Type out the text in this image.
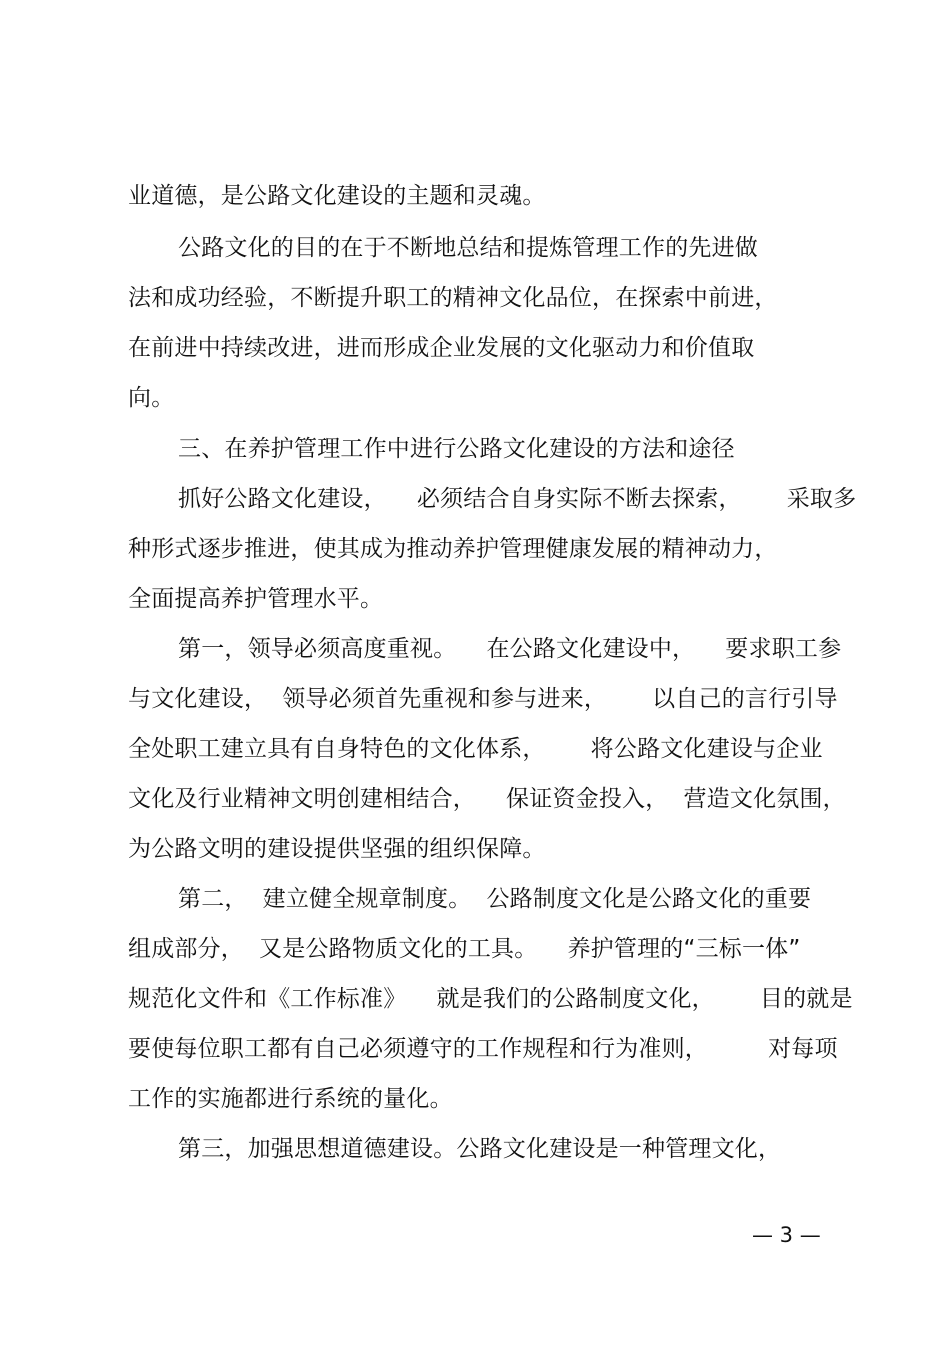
业道德，是公路文化建设的主题和灵魂。
公路文化的目的在于不断地总结和提炼管理工作的先进做
法和成功经验，不断提升职工的精神文化品位，在探索中前进，
在前进中持续改进，进而形成企业发展的文化驱动力和价值取
向。
三、在养护管理工作中进行公路文化建设的方法和途径
抓好公路文化建设，    必须结合自身实际不断去探索，      采取多
种形式逐步推进，使其成为推动养护管理健康发展的精神动力，
全面提高养护管理水平。
第一，领导必须高度重视。    在公路文化建设中，    要求职工参
与文化建设，  领导必须首先重视和参与进来，      以自己的言行引导
全处职工建立具有自身特色的文化体系，      将公路文化建设与企业
文化及行业精神文明创建相结合，    保证资金投入，  营造文化氛围，
为公路文明的建设提供坚强的组织保障。
第二，  建立健全规章制度。  公路制度文化是公路文化的重要
组成部分，  又是公路物质文化的工具。    养护管理的“三标一体”
规范化文件和《工作标准》    就是我们的公路制度文化，      目的就是
要使每位职工都有自己必须遵守的工作规程和行为准则，        对每项
工作的实施都进行系统的量化。
第三，加强思想道德建设。公路文化建设是一种管理文化，
— 3 —
